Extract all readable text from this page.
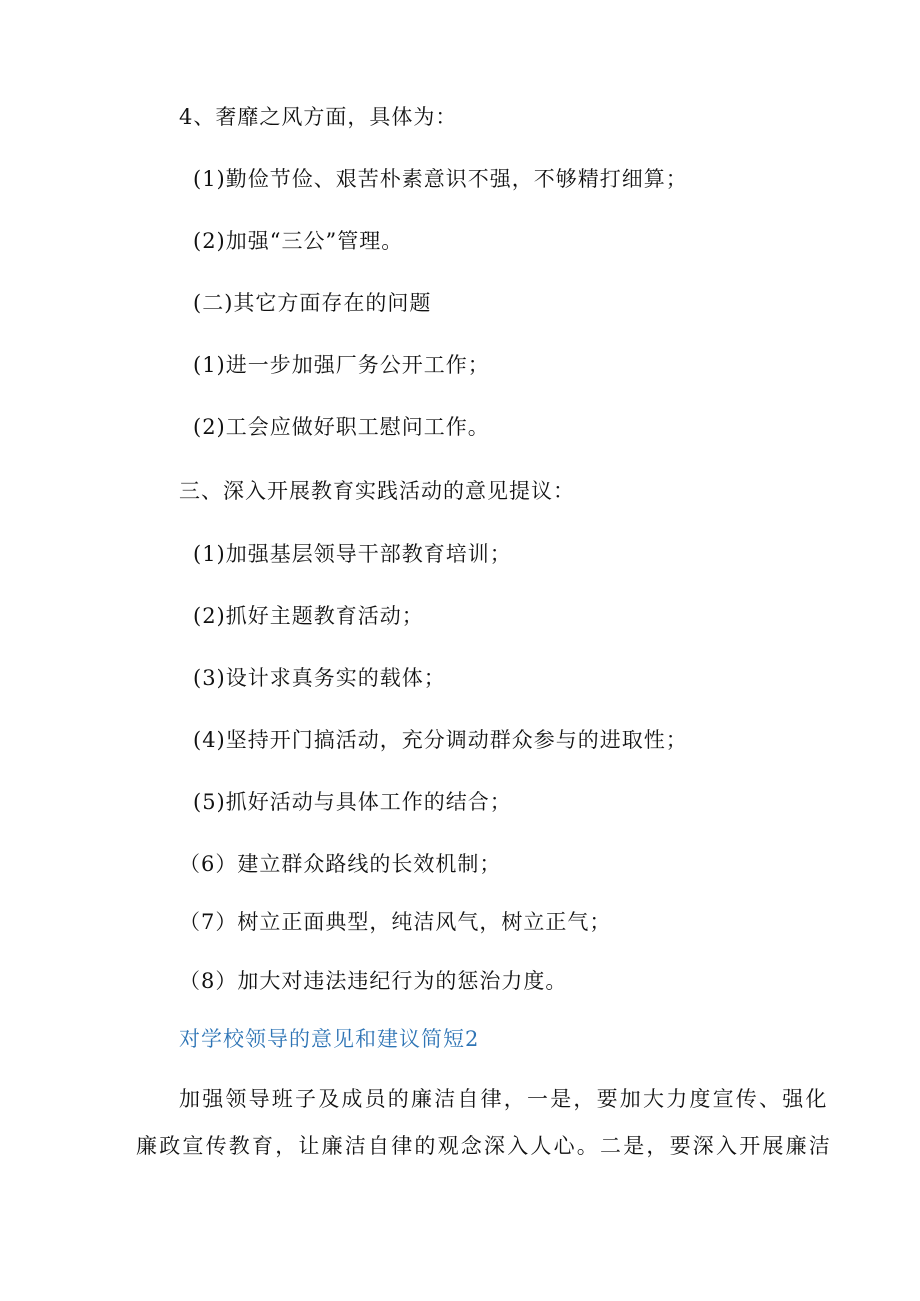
4、奢靡之风方面，具体为：
(1)勤俭节俭、艰苦朴素意识不强，不够精打细算；
(2)加强“三公”管理。
(二)其它方面存在的问题
(1)进一步加强厂务公开工作；
(2)工会应做好职工慰问工作。
三、深入开展教育实践活动的意见提议：
(1)加强基层领导干部教育培训；
(2)抓好主题教育活动；
(3)设计求真务实的载体；
(4)坚持开门搞活动，充分调动群众参与的进取性；
(5)抓好活动与具体工作的结合；
（6）建立群众路线的长效机制；
（7）树立正面典型，纯洁风气，树立正气；
（8）加大对违法违纪行为的惩治力度。
对学校领导的意见和建议简短2
加强领导班子及成员的廉洁自律，一是，要加大力度宣传、强化
廉政宣传教育，让廉洁自律的观念深入人心。二是，要深入开展廉洁
